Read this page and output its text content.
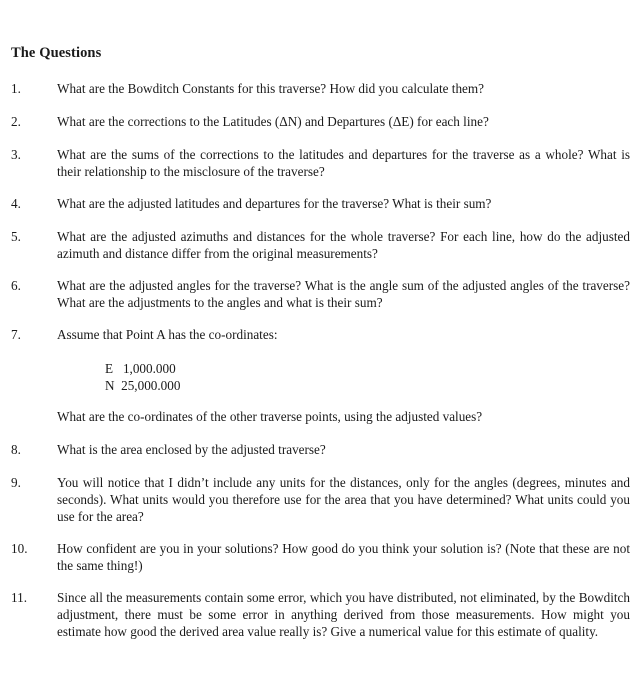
The Questions
1.	What are the Bowditch Constants for this traverse? How did you calculate them?
2.	What are the corrections to the Latitudes (ΔN) and Departures (ΔE) for each line?
3.	What are the sums of the corrections to the latitudes and departures for the traverse as a whole? What is their relationship to the misclosure of the traverse?
4.	What are the adjusted latitudes and departures for the traverse? What is their sum?
5.	What are the adjusted azimuths and distances for the whole traverse? For each line, how do the adjusted azimuth and distance differ from the original measurements?
6.	What are the adjusted angles for the traverse? What is the angle sum of the adjusted angles of the traverse? What are the adjustments to the angles and what is their sum?
7.	Assume that Point A has the co-ordinates:
E   1,000.000
N  25,000.000
What are the co-ordinates of the other traverse points, using the adjusted values?
8.	What is the area enclosed by the adjusted traverse?
9.	You will notice that I didn’t include any units for the distances, only for the angles (degrees, minutes and seconds). What units would you therefore use for the area that you have determined? What units could you use for the area?
10. How confident are you in your solutions? How good do you think your solution is? (Note that these are not the same thing!)
11. Since all the measurements contain some error, which you have distributed, not eliminated, by the Bowditch adjustment, there must be some error in anything derived from those measurements. How might you estimate how good the derived area value really is? Give a numerical value for this estimate of quality.
